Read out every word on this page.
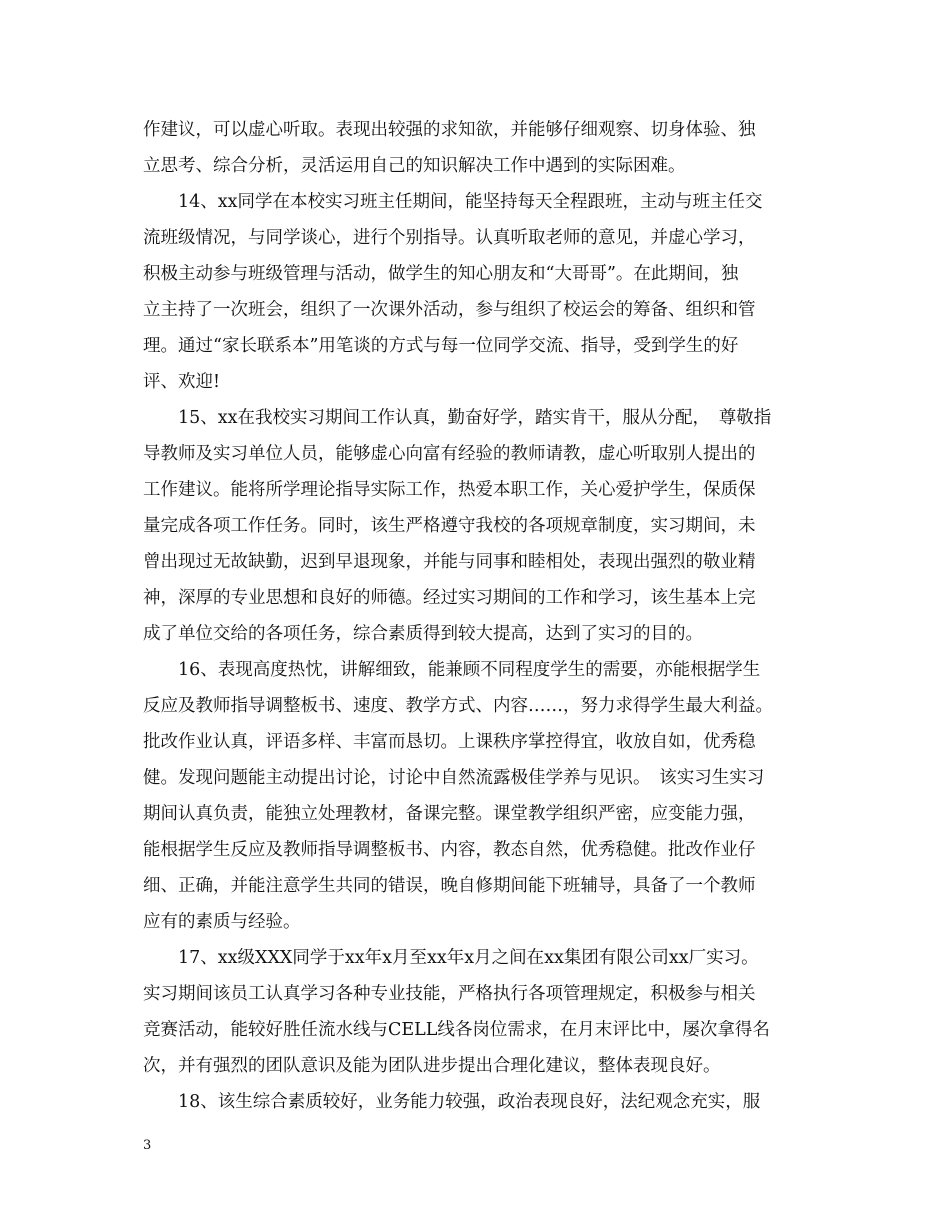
作建议，可以虚心听取。表现出较强的求知欲，并能够仔细观察、切身体验、独
立思考、综合分析，灵活运用自己的知识解决工作中遇到的实际困难。
14、xx同学在本校实习班主任期间，能坚持每天全程跟班，主动与班主任交
流班级情况，与同学谈心，进行个别指导。认真听取老师的意见，并虚心学习，
积极主动参与班级管理与活动，做学生的知心朋友和“大哥哥”。在此期间，独
立主持了一次班会，组织了一次课外活动，参与组织了校运会的筹备、组织和管
理。通过“家长联系本”用笔谈的方式与每一位同学交流、指导，受到学生的好
评、欢迎!
15、xx在我校实习期间工作认真，勤奋好学，踏实肯干，服从分配，　尊敬指
导教师及实习单位人员，能够虚心向富有经验的教师请教，虚心听取别人提出的
工作建议。能将所学理论指导实际工作，热爱本职工作，关心爱护学生，保质保
量完成各项工作任务。同时，该生严格遵守我校的各项规章制度，实习期间，未
曾出现过无故缺勤，迟到早退现象，并能与同事和睦相处，表现出强烈的敬业精
神，深厚的专业思想和良好的师德。经过实习期间的工作和学习，该生基本上完
成了单位交给的各项任务，综合素质得到较大提高，达到了实习的目的。
16、表现高度热忱，讲解细致，能兼顾不同程度学生的需要，亦能根据学生
反应及教师指导调整板书、速度、教学方式、内容……，努力求得学生最大利益。
批改作业认真，评语多样、丰富而恳切。上课秩序掌控得宜，收放自如，优秀稳
健。发现问题能主动提出讨论，讨论中自然流露极佳学养与见识。　该实习生实习
期间认真负责，能独立处理教材，备课完整。课堂教学组织严密，应变能力强，
能根据学生反应及教师指导调整板书、内容，教态自然，优秀稳健。批改作业仔
细、正确，并能注意学生共同的错误，晚自修期间能下班辅导，具备了一个教师
应有的素质与经验。
17、xx级XXX同学于xx年x月至xx年x月之间在xx集团有限公司xx厂实习。
实习期间该员工认真学习各种专业技能，严格执行各项管理规定，积极参与相关
竞赛活动，能较好胜任流水线与CELL线各岗位需求，在月末评比中，屡次拿得名
次，并有强烈的团队意识及能为团队进步提出合理化建议，整体表现良好。
18、该生综合素质较好，业务能力较强，政治表现良好，法纪观念充实，服
3
